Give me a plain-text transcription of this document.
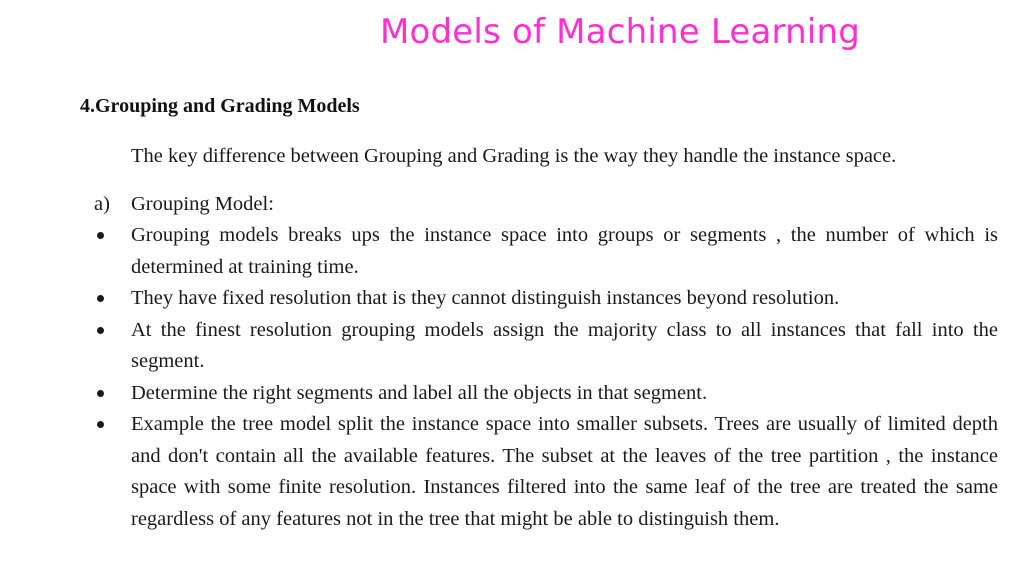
Models of Machine Learning
4.Grouping and Grading Models

The key difference between Grouping and Grading is the way they handle the instance space.

a) Grouping Model:
Grouping models breaks ups the instance space into groups or segments , the number of which is determined at training time.
They have fixed resolution that is they cannot distinguish instances beyond resolution.
At the finest resolution grouping models assign the majority class to all instances that fall into the segment.
Determine the right segments and label all the objects in that segment.
Example the tree model split the instance space into smaller subsets. Trees are usually of limited depth and don't contain all the available features. The subset at the leaves of the tree partition , the instance space with some finite resolution. Instances filtered into the same leaf of the tree are treated the same regardless of any features not in the tree that might be able to distinguish them.
